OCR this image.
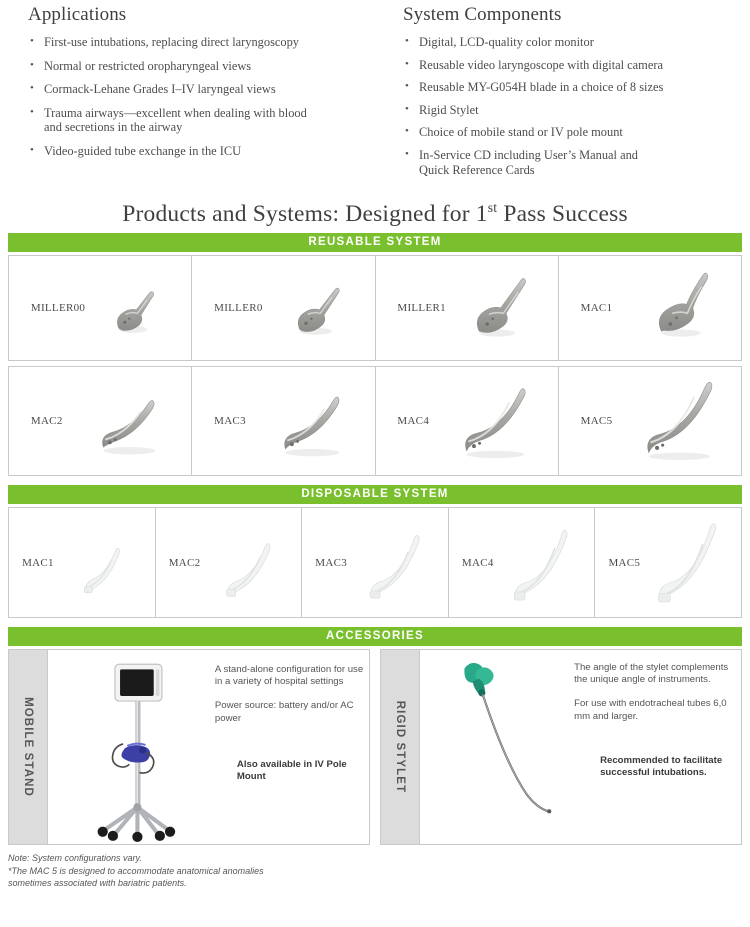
Applications
• First-use intubations, replacing direct laryngoscopy
• Normal or restricted oropharyngeal views
• Cormack-Lehane Grades I–IV laryngeal views
• Trauma airways—excellent when dealing with blood
and secretions in the airway
• Video-guided tube exchange in the ICU
System Components
• Digital, LCD-quality color monitor
• Reusable video laryngoscope with digital camera
• Reusable MY-G054H blade in a choice of 8 sizes
• Rigid Stylet
• Choice of mobile stand or IV pole mount
• In-Service CD including User’s Manual and
Quick Reference Cards
Products and Systems: Designed for 1st Pass Success
REUSABLE SYSTEM
MILLER00	MILLER0	MILLER1	MAC1
MAC2	MAC3	MAC4	MAC5
DISPOSABLE SYSTEM
MAC1	MAC2	MAC3	MAC4	MAC5
ACCESSORIES
MOBILE STAND

A stand-alone configuration for use in a variety of hospital settings

Power source: battery and/or AC power

Also available in IV Pole Mount	RIGID STYLET

The angle of the stylet complements the unique angle of instruments.

For use with endotracheal tubes 6,0 mm and larger.

Recommended to facilitate successful intubations.

Note: System configurations vary.
*The MAC 5 is designed to accommodate anatomical anomalies
sometimes associated with bariatric patients.
